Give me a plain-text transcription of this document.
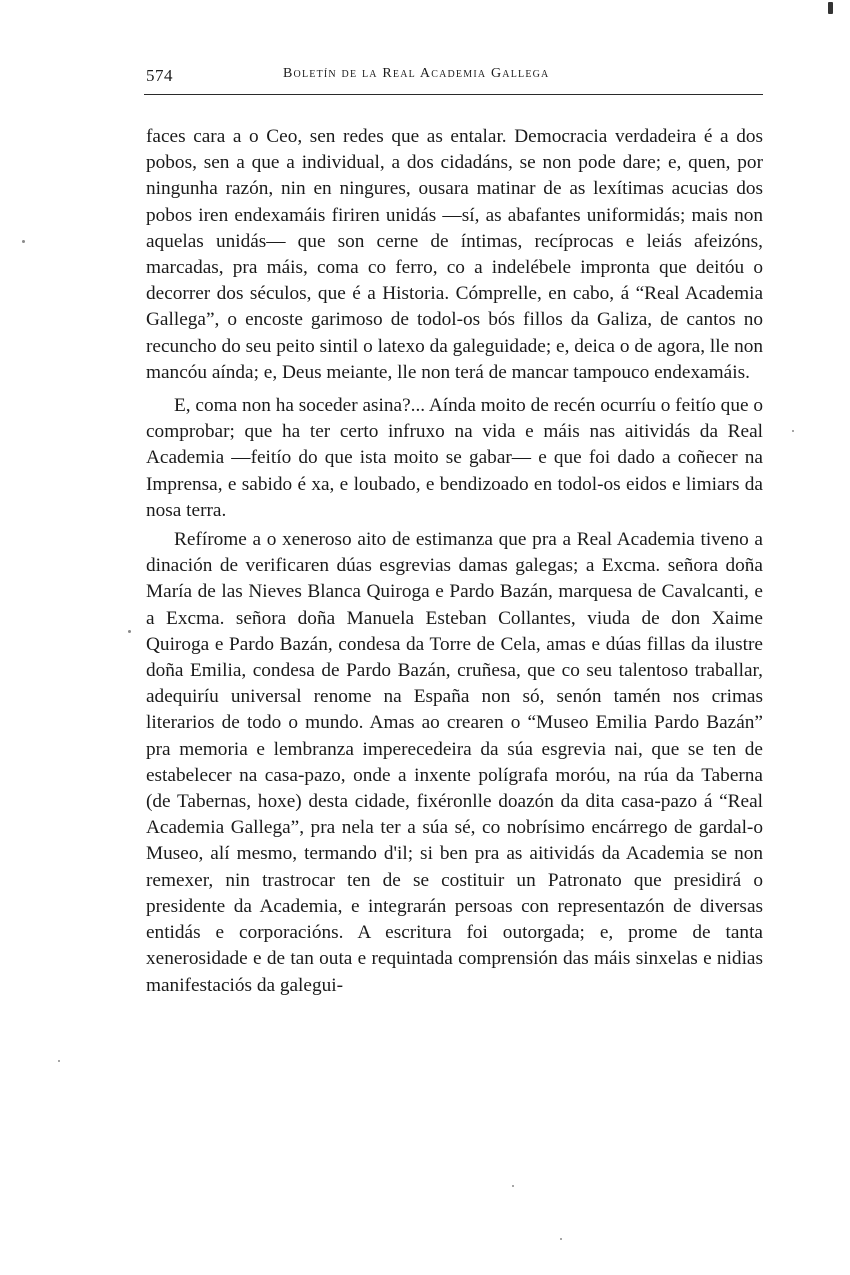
574	Boletín de la Real Academia Gallega

faces cara a o Ceo, sen redes que as entalar. Democracia verdadeira é a dos pobos, sen a que a individual, a dos cidadáns, se non pode dare; e, quen, por ningunha razón, nin en ningures, ousara matinar de as lexítimas acucias dos pobos iren endexamáis firiren unidás —sí, as abafantes uniformidás; mais non aquelas unidás— que son cerne de íntimas, recíprocas e leiás afeizóns, marcadas, pra máis, coma co ferro, co a indelébele impronta que deitóu o decorrer dos séculos, que é a Historia. Cómprelle, en cabo, á “Real Academia Gallega”, o encoste garimoso de todol-os bós fillos da Galiza, de cantos no recuncho do seu peito sintil o latexo da galeguidade; e, deica o de agora, lle non mancóu aínda; e, Deus meiante, lle non terá de mancar tampouco endexamáis.

E, coma non ha soceder asina?... Aínda moito de recén ocurríu o feitío que o comprobar; que ha ter certo infruxo na vida e máis nas aitividás da Real Academia —feitío do que ista moito se gabar— e que foi dado a coñecer na Imprensa, e sabido é xa, e loubado, e bendizoado en todol-os eidos e limiars da nosa terra.

Refírome a o xeneroso aito de estimanza que pra a Real Academia tiveno a dinación de verificaren dúas esgrevias damas galegas; a Excma. señora doña María de las Nieves Blanca Quiroga e Pardo Bazán, marquesa de Cavalcanti, e a Excma. señora doña Manuela Esteban Collantes, viuda de don Xaime Quiroga e Pardo Bazán, condesa da Torre de Cela, amas e dúas fillas da ilustre doña Emilia, condesa de Pardo Bazán, cruñesa, que co seu talentoso traballar, adequiríu universal renome na España non só, senón tamén nos crimas literarios de todo o mundo. Amas ao crearen o “Museo Emilia Pardo Bazán” pra memoria e lembranza imperecedeira da súa esgrevia nai, que se ten de estabelecer na casa-pazo, onde a inxente polígrafa moróu, na rúa da Taberna (de Tabernas, hoxe) desta cidade, fixéronlle doazón da dita casa-pazo á “Real Academia Gallega”, pra nela ter a súa sé, co nobrísimo encárrego de gardal-o Museo, alí mesmo, termando d'il; si ben pra as aitividás da Academia se non remexer, nin trastrocar ten de se costituir un Patronato que presidirá o presidente da Academia, e integrarán persoas con representazón de diversas entidás e corporacións. A escritura foi outorgada; e, prome de tanta xenerosidade e de tan outa e requintada comprensión das máis sinxelas e nidias manifestaciós da galegui-
